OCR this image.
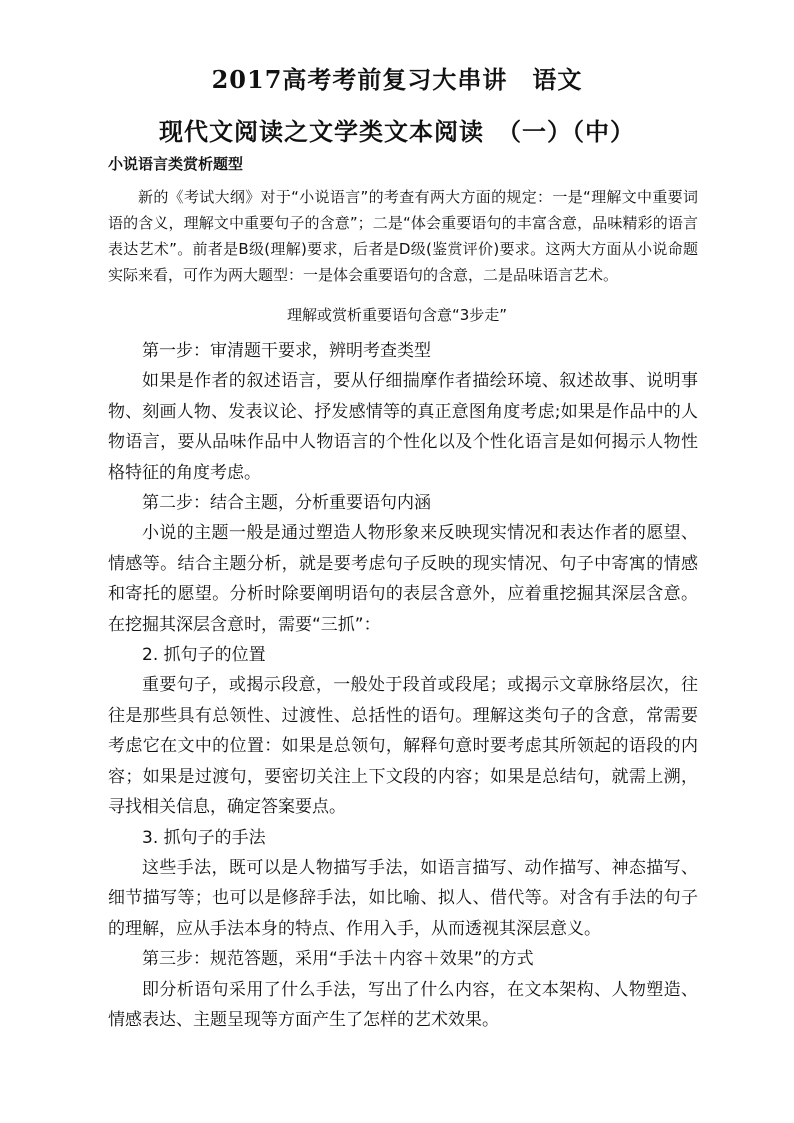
2017高考考前复习大串讲　语文
现代文阅读之文学类文本阅读　（一）（中）
小说语言类赏析题型
新的《考试大纲》对于“小说语言”的考查有两大方面的规定：一是“理解文中重要词语的含义，理解文中重要句子的含意”；二是“体会重要语句的丰富含意，品味精彩的语言表达艺术”。前者是B级(理解)要求，后者是D级(鉴赏评价)要求。这两大方面从小说命题实际来看，可作为两大题型：一是体会重要语句的含意，二是品味语言艺术。
理解或赏析重要语句含意“3步走”

第一步：审清题干要求，辨明考查类型

如果是作者的叙述语言，要从仔细揣摩作者描绘环境、叙述故事、说明事物、刻画人物、发表议论、抒发感情等的真正意图角度考虑;如果是作品中的人物语言，要从品味作品中人物语言的个性化以及个性化语言是如何揭示人物性格特征的角度考虑。

第二步：结合主题，分析重要语句内涵

小说的主题一般是通过塑造人物形象来反映现实情况和表达作者的愿望、情感等。结合主题分析，就是要考虑句子反映的现实情况、句子中寄寓的情感和寄托的愿望。分析时除要阐明语句的表层含意外，应着重挖掘其深层含意。在挖掘其深层含意时，需要“三抓”：

2. 抓句子的位置

重要句子，或揭示段意，一般处于段首或段尾；或揭示文章脉络层次，往往是那些具有总领性、过渡性、总括性的语句。理解这类句子的含意，常需要考虑它在文中的位置：如果是总领句，解释句意时要考虑其所领起的语段的内容；如果是过渡句，要密切关注上下文段的内容；如果是总结句，就需上溯，寻找相关信息，确定答案要点。

3. 抓句子的手法

这些手法，既可以是人物描写手法，如语言描写、动作描写、神态描写、细节描写等；也可以是修辞手法，如比喻、拟人、借代等。对含有手法的句子的理解，应从手法本身的特点、作用入手，从而透视其深层意义。

第三步：规范答题，采用“手法＋内容＋效果”的方式

即分析语句采用了什么手法，写出了什么内容，在文本架构、人物塑造、情感表达、主题呈现等方面产生了怎样的艺术效果。
